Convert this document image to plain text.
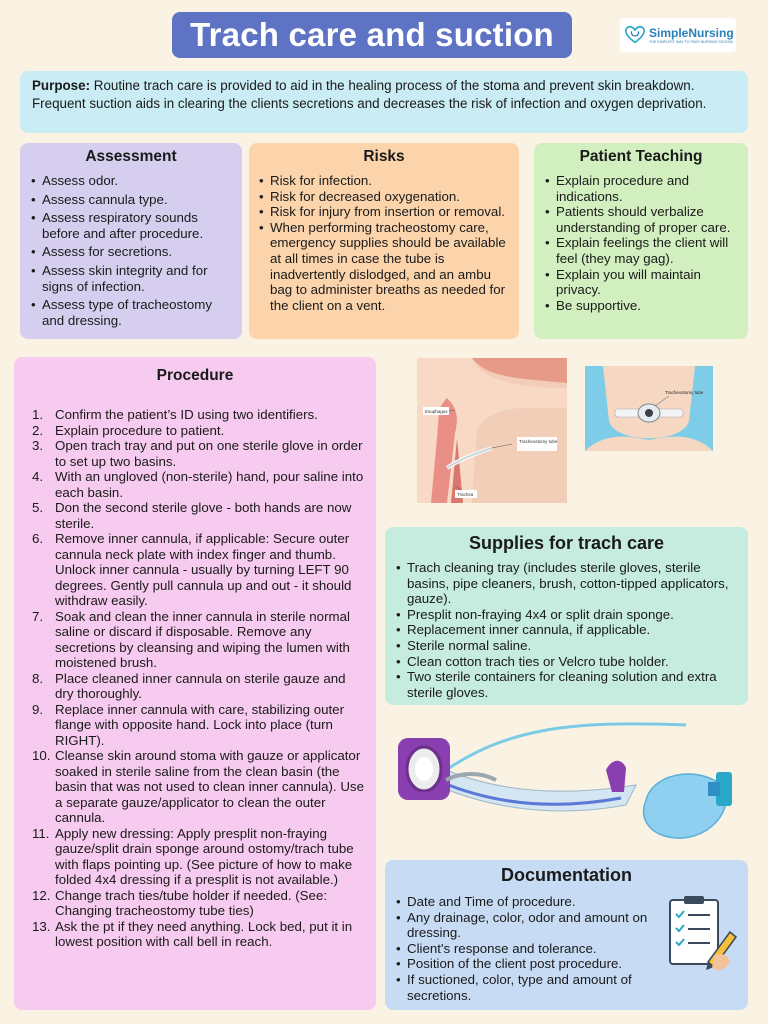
Trach care and suction	SimpleNursing
THE SIMPLEST WAY TO PASS NURSING SCHOOL

Purpose: Routine trach care is provided to aid in the healing process of the stoma and prevent skin breakdown. Frequent suction aids in clearing the clients secretions and decreases the risk of infection and oxygen deprivation.

Assessment
• Assess odor.
• Assess cannula type.
• Assess respiratory sounds before and after procedure.
• Assess for secretions.
• Assess skin integrity and for signs of infection.
• Assess type of tracheostomy and dressing.
Risks
• Risk for infection.
• Risk for decreased oxygenation.
• Risk for injury from insertion or removal.
• When performing tracheostomy care, emergency supplies should be available at all times in case the tube is inadvertently dislodged, and an ambu bag to administer breaths as needed for the client on a vent.
Patient Teaching
• Explain procedure and indications.
• Patients should verbalize understanding of proper care.
• Explain feelings the client will feel (they may gag).
• Explain you will maintain privacy.
• Be supportive.
Procedure
1. Confirm the patient’s ID using two identifiers.
2. Explain procedure to patient.
3. Open trach tray and put on one sterile glove in order to set up two basins.
4. With an ungloved (non-sterile) hand, pour saline into each basin.
5. Don the second sterile glove - both hands are now sterile.
6. Remove inner cannula, if applicable: Secure outer cannula neck plate with index finger and thumb. Unlock inner cannula - usually by turning LEFT 90 degrees. Gently pull cannula up and out - it should withdraw easily.
7. Soak and clean the inner cannula in sterile normal saline or discard if disposable. Remove any secretions by cleansing and wiping the lumen with moistened brush.
8. Place cleaned inner cannula on sterile gauze and dry thoroughly.
9. Replace inner cannula with care, stabilizing outer flange with opposite hand. Lock into place (turn RIGHT).
10. Cleanse skin around stoma with gauze or applicator soaked in sterile saline from the clean basin (the basin that was not used to clean inner cannula). Use a separate gauze/applicator to clean the outer cannula.
11. Apply new dressing: Apply presplit non-fraying gauze/split drain sponge around ostomy/trach tube with flaps pointing up. (See picture of how to make folded 4x4 dressing if a presplit is not available.)
12. Change trach ties/tube holder if needed. (See: Changing tracheostomy tube ties)
13. Ask the pt if they need anything. Lock bed, put it in lowest position with call bell in reach.
Esophagus
Tracheostomy tube
Trachea
Tracheostomy tube
Supplies for trach care
• Trach cleaning tray (includes sterile gloves, sterile basins, pipe cleaners, brush, cotton-tipped applicators, gauze).
• Presplit non-fraying 4x4 or split drain sponge.
• Replacement inner cannula, if applicable.
• Sterile normal saline.
• Clean cotton trach ties or Velcro tube holder.
• Two sterile containers for cleaning solution and extra sterile gloves.
Documentation
• Date and Time of procedure.
• Any drainage, color, odor and amount on dressing.
• Client's response and tolerance.
• Position of the client post procedure.
• If suctioned, color, type and amount of secretions.
